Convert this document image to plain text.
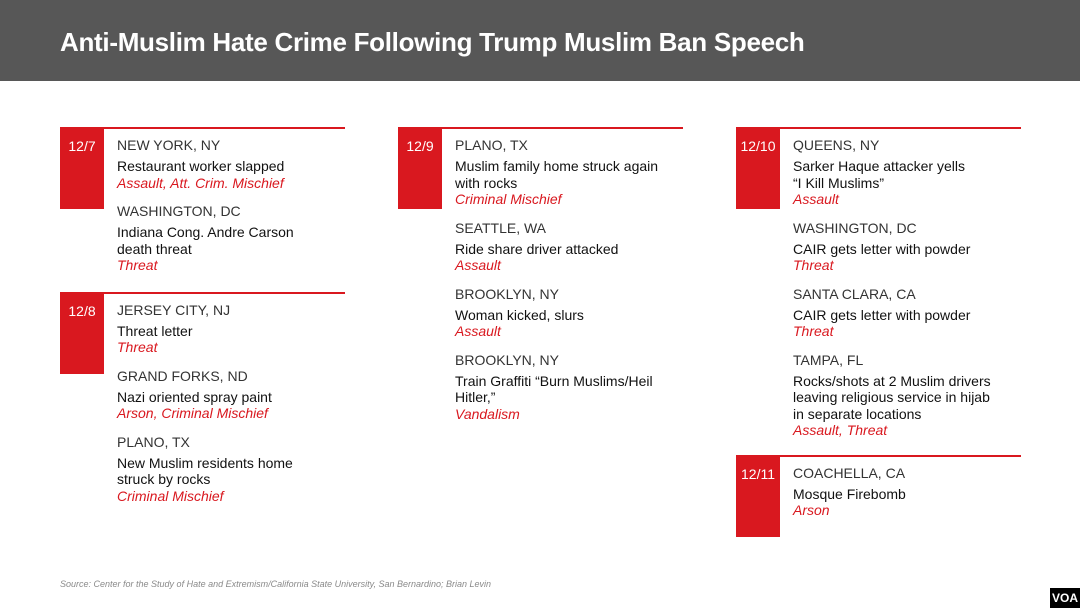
Anti-Muslim Hate Crime Following Trump Muslim Ban Speech
12/7	NEW YORK, NY
Restaurant worker slapped
Assault, Att. Crim. Mischief
WASHINGTON, DC
Indiana Cong. Andre Carson
death threat
Threat
12/8	JERSEY CITY, NJ
Threat letter
Threat
GRAND FORKS, ND
Nazi oriented spray paint
Arson, Criminal Mischief
PLANO, TX
New Muslim residents home
struck by rocks
Criminal Mischief
12/9	PLANO, TX
Muslim family home struck again
with rocks
Criminal Mischief
SEATTLE, WA
Ride share driver attacked
Assault
BROOKLYN, NY
Woman kicked, slurs
Assault
BROOKLYN, NY
Train Graffiti “Burn Muslims/Heil
Hitler,”
Vandalism
12/10	QUEENS, NY
Sarker Haque attacker yells
“I Kill Muslims”
Assault
WASHINGTON, DC
CAIR gets letter with powder
Threat
SANTA CLARA, CA
CAIR gets letter with powder
Threat
TAMPA, FL
Rocks/shots at 2 Muslim drivers
leaving religious service in hijab
in separate locations
Assault, Threat
12/11	COACHELLA, CA
Mosque Firebomb
Arson
Source: Center for the Study of Hate and Extremism/California State University, San Bernardino; Brian Levin
VOA
